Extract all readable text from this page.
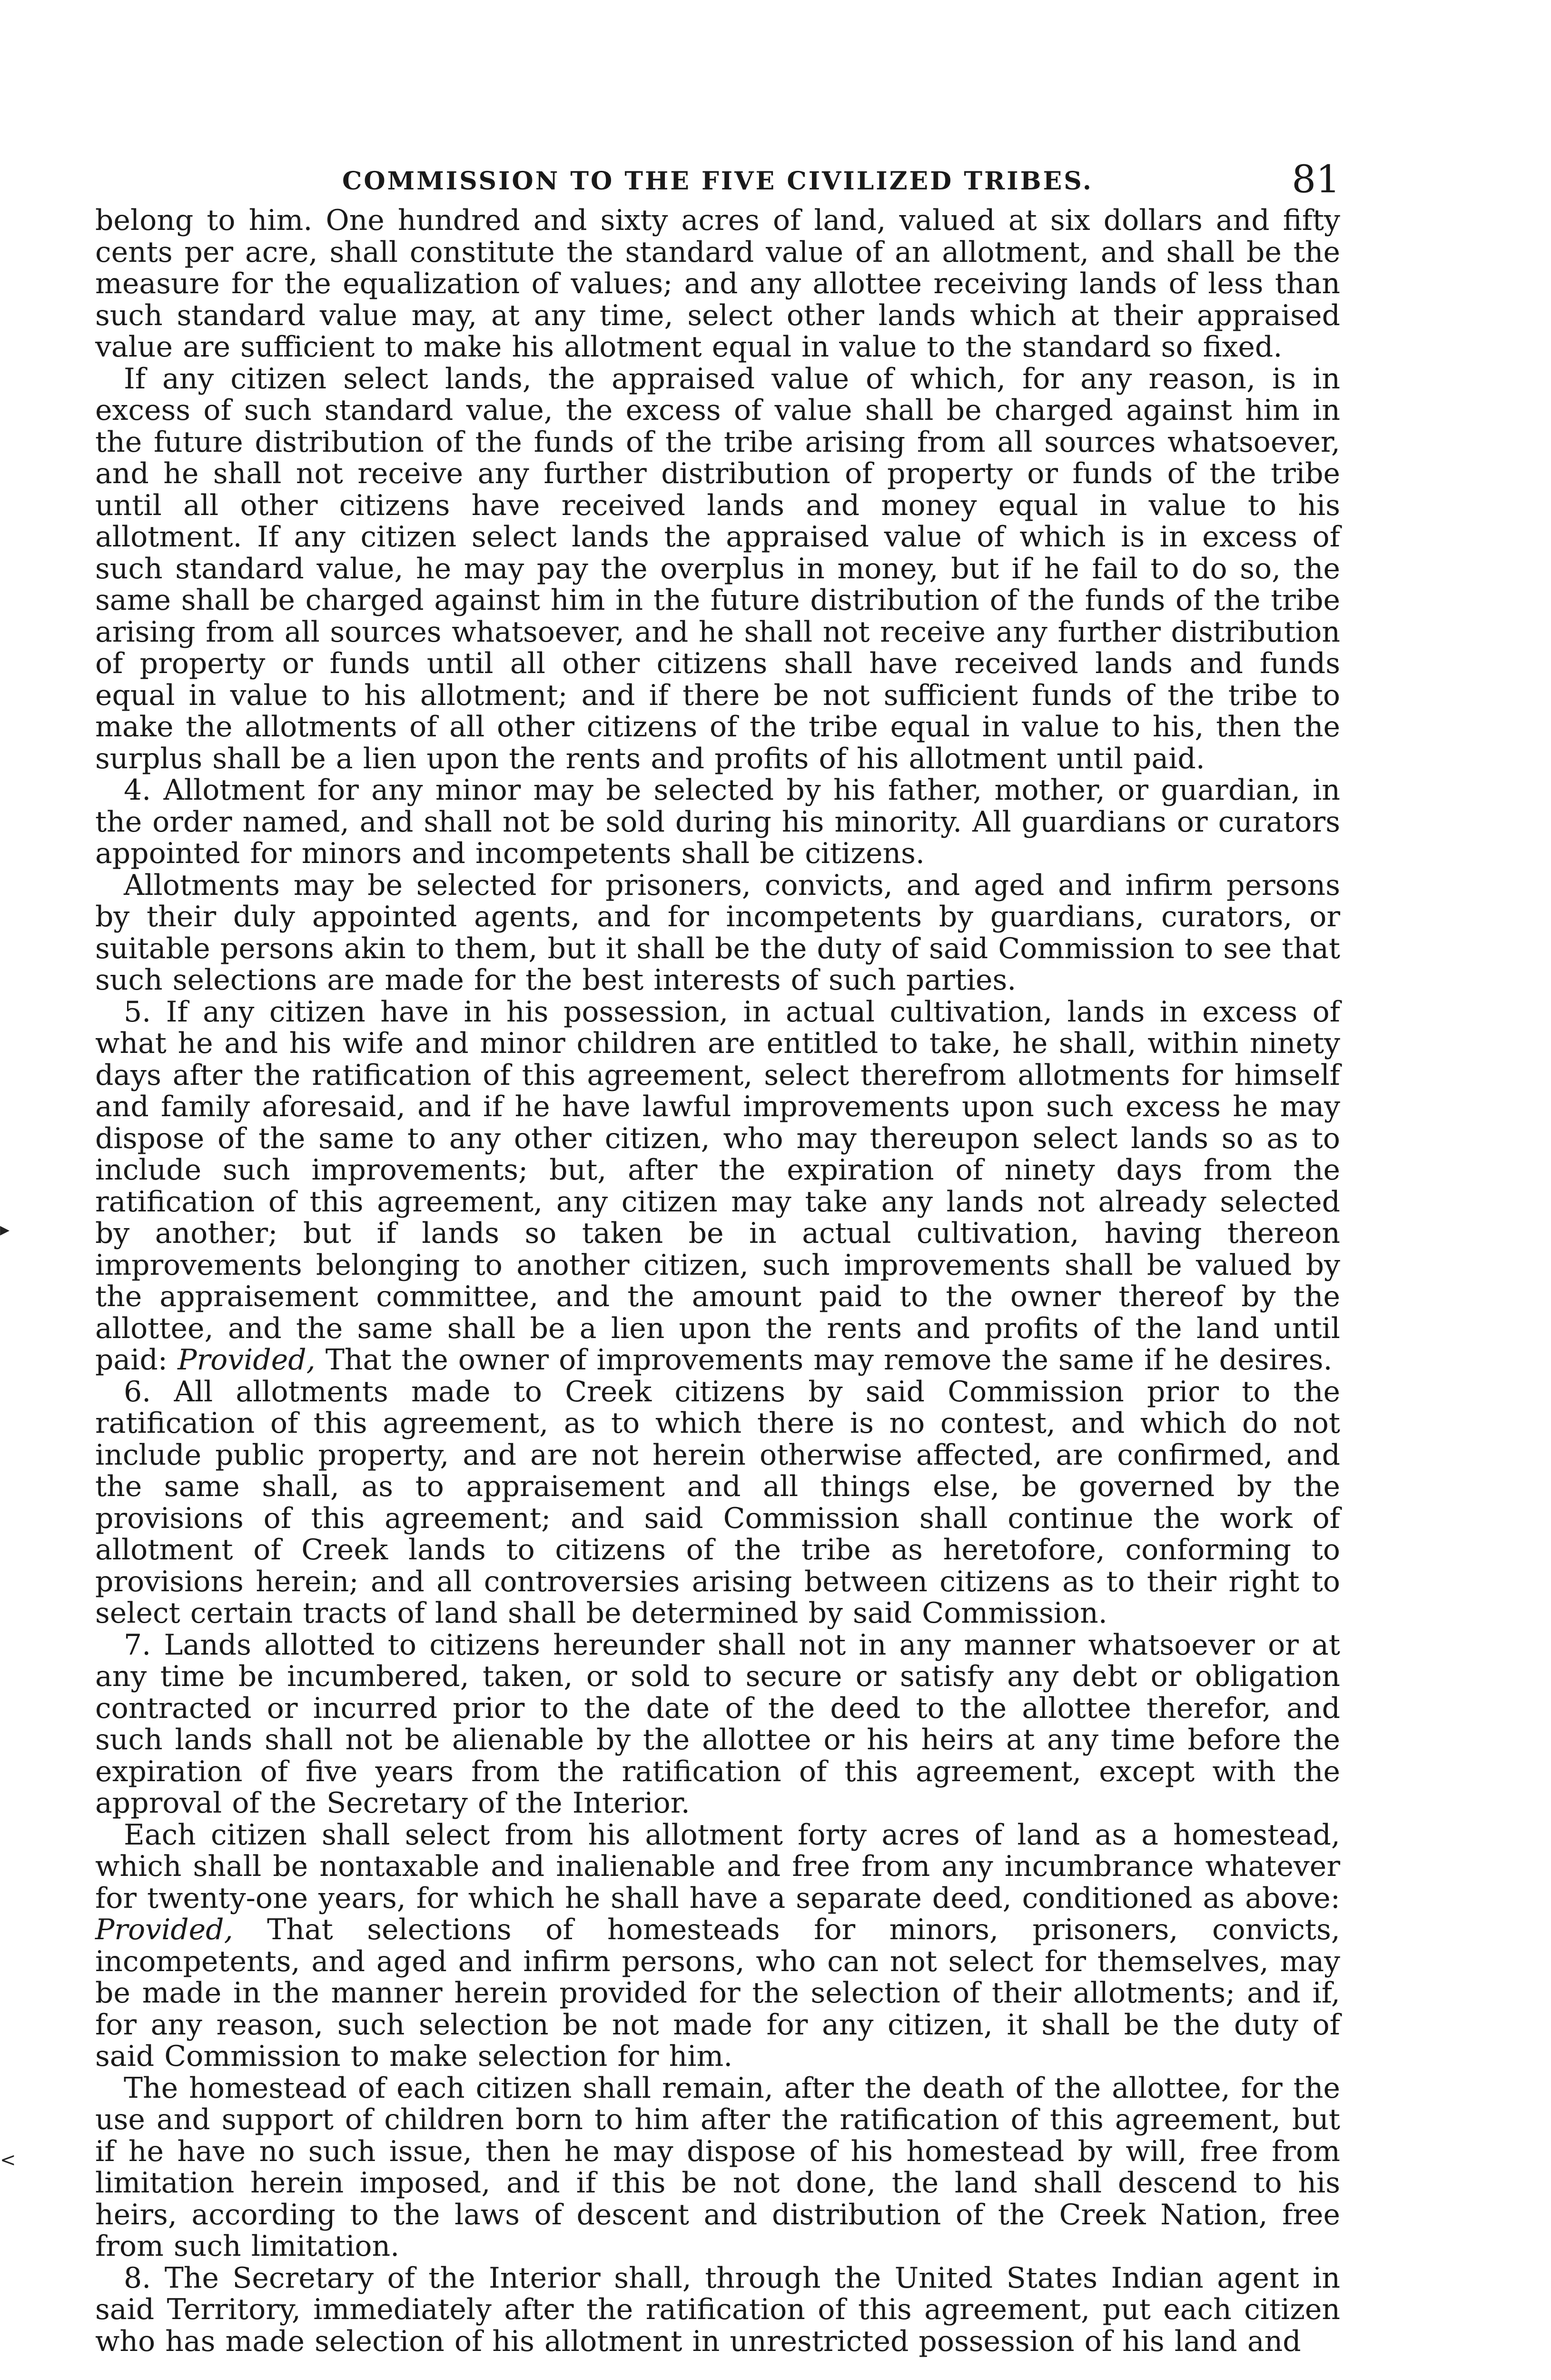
COMMISSION TO THE FIVE CIVILIZED TRIBES.	81

belong to him. One hundred and sixty acres of land, valued at six dollars and fifty cents per acre, shall constitute the standard value of an allotment, and shall be the measure for the equalization of values; and any allottee receiving lands of less than such standard value may, at any time, select other lands which at their appraised value are sufficient to make his allotment equal in value to the standard so fixed.

If any citizen select lands, the appraised value of which, for any reason, is in excess of such standard value, the excess of value shall be charged against him in the future distribution of the funds of the tribe arising from all sources whatsoever, and he shall not receive any further distribution of property or funds of the tribe until all other citizens have received lands and money equal in value to his allotment. If any citizen select lands the appraised value of which is in excess of such standard value, he may pay the overplus in money, but if he fail to do so, the same shall be charged against him in the future distribution of the funds of the tribe arising from all sources whatsoever, and he shall not receive any further distribution of property or funds until all other citizens shall have received lands and funds equal in value to his allotment; and if there be not sufficient funds of the tribe to make the allotments of all other citizens of the tribe equal in value to his, then the surplus shall be a lien upon the rents and profits of his allotment until paid.

4. Allotment for any minor may be selected by his father, mother, or guardian, in the order named, and shall not be sold during his minority. All guardians or curators appointed for minors and incompetents shall be citizens.

Allotments may be selected for prisoners, convicts, and aged and infirm persons by their duly appointed agents, and for incompetents by guardians, curators, or suitable persons akin to them, but it shall be the duty of said Commission to see that such selections are made for the best interests of such parties.

5. If any citizen have in his possession, in actual cultivation, lands in excess of what he and his wife and minor children are entitled to take, he shall, within ninety days after the ratification of this agreement, select therefrom allotments for himself and family aforesaid, and if he have lawful improvements upon such excess he may dispose of the same to any other citizen, who may thereupon select lands so as to include such improvements; but, after the expiration of ninety days from the ratification of this agreement, any citizen may take any lands not already selected by another; but if lands so taken be in actual cultivation, having thereon improvements belonging to another citizen, such improvements shall be valued by the appraisement committee, and the amount paid to the owner thereof by the allottee, and the same shall be a lien upon the rents and profits of the land until paid: Provided, That the owner of improvements may remove the same if he desires.

6. All allotments made to Creek citizens by said Commission prior to the ratification of this agreement, as to which there is no contest, and which do not include public property, and are not herein otherwise affected, are confirmed, and the same shall, as to appraisement and all things else, be governed by the provisions of this agreement; and said Commission shall continue the work of allotment of Creek lands to citizens of the tribe as heretofore, conforming to provisions herein; and all controversies arising between citizens as to their right to select certain tracts of land shall be determined by said Commission.

7. Lands allotted to citizens hereunder shall not in any manner whatsoever or at any time be incumbered, taken, or sold to secure or satisfy any debt or obligation contracted or incurred prior to the date of the deed to the allottee therefor, and such lands shall not be alienable by the allottee or his heirs at any time before the expiration of five years from the ratification of this agreement, except with the approval of the Secretary of the Interior.

Each citizen shall select from his allotment forty acres of land as a homestead, which shall be nontaxable and inalienable and free from any incumbrance whatever for twenty-one years, for which he shall have a separate deed, conditioned as above: Provided, That selections of homesteads for minors, prisoners, convicts, incompetents, and aged and infirm persons, who can not select for themselves, may be made in the manner herein provided for the selection of their allotments; and if, for any reason, such selection be not made for any citizen, it shall be the duty of said Commission to make selection for him.

The homestead of each citizen shall remain, after the death of the allottee, for the use and support of children born to him after the ratification of this agreement, but if he have no such issue, then he may dispose of his homestead by will, free from limitation herein imposed, and if this be not done, the land shall descend to his heirs, according to the laws of descent and distribution of the Creek Nation, free from such limitation.

8. The Secretary of the Interior shall, through the United States Indian agent in said Territory, immediately after the ratification of this agreement, put each citizen who has made selection of his allotment in unrestricted possession of his land and

▸
<
